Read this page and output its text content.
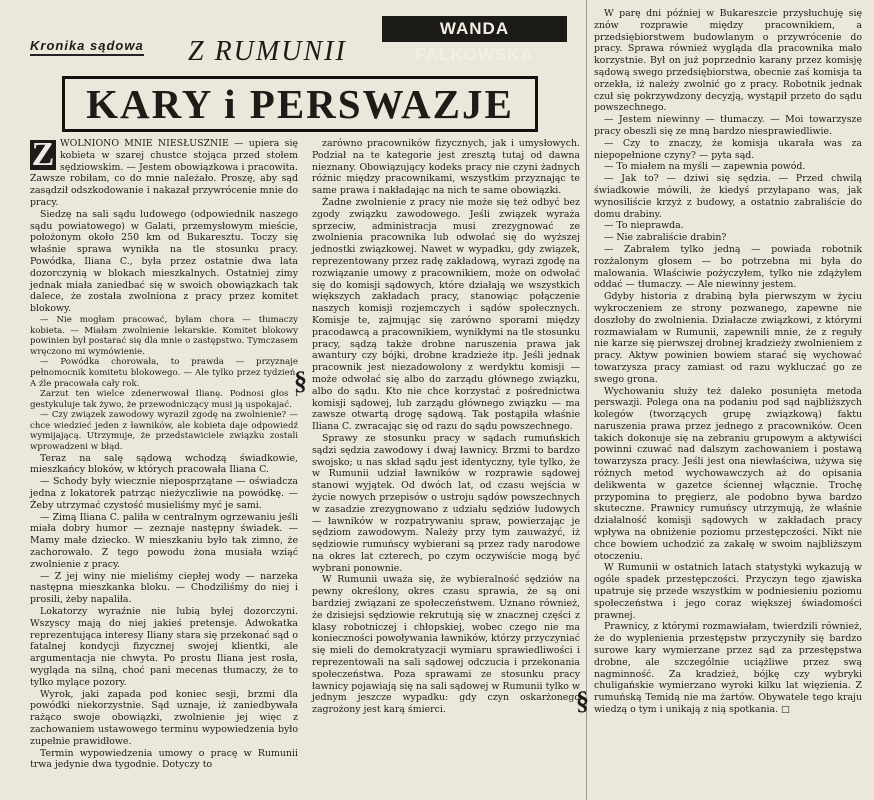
Kronika sądowa
WANDA FALKOWSKA
Z RUMUNII
KARY i PERSWAZJE
Z WOLNIONO MNIE NIESŁUSZNIE — upiera się kobieta w szarej chustce stojąca przed stołem sędziowskim. — Jestem obowiązkowa i pracowita. Zawsze robiłam, co do mnie należało. Proszę, aby sąd zasądził odszkodowanie i nakazał przywrócenie mnie do pracy.

Siedzę na sali sądu ludowego (odpowiednik naszego sądu powiatowego) w Galati, przemysłowym mieście, położonym około 250 km od Bukaresztu. Toczy się właśnie sprawa wynikła na tle stosunku pracy. Powódka, Iliana C., była przez ostatnie dwa lata dozorczynią w blokach mieszkalnych. Ostatniej zimy jednak miała zaniedbać się w swoich obowiązkach tak dalece, że została zwolniona z pracy przez komitet blokowy.

— Nie mogłam pracować, byłam chora — tłumaczy kobieta. — Miałam zwolnienie lekarskie. Komitet blokowy powinien był postarać się dla mnie o zastępstwo. Tymczasem wręczono mi wymówienie.

— Powódka chorowała, to prawda — przyznaje pełnomocnik komitetu blokowego. — Ale tylko przez tydzień. A źle pracowała cały rok.

Zarzut ten wielce zdenerwował Ilianę. Podnosi głos i gestykuluje tak żywo, że przewodniczący musi ją uspokajać.

— Czy związek zawodowy wyraził zgodę na zwolnienie? — chce wiedzieć jeden z ławników, ale kobieta daje odpowiedź wymijającą. Utrzymuje, że przedstawiciele związku zostali wprowadzeni w błąd.

Teraz na salę sądową wchodzą świadkowie, mieszkańcy bloków, w których pracowała Iliana C.

— Schody były wiecznie nieposprzątane — oświadcza jedna z lokatorek patrząc nieżyczliwie na powódkę. — Żeby utrzymać czystość musieliśmy myć je sami.

— Zimą Iliana C. paliła w centralnym ogrzewaniu jeśli miała dobry humor — zeznaje następny świadek. — Mamy małe dziecko. W mieszkaniu było tak zimno, że zachorowało. Z tego powodu żona musiała wziąć zwolnienie z pracy.

— Z jej winy nie mieliśmy ciepłej wody — narzeka następna mieszkanka bloku. — Chodziliśmy do niej i prosili, żeby napaliła.

Lokatorzy wyraźnie nie lubią byłej dozorczyni. Wszyscy mają do niej jakieś pretensje. Adwokatka reprezentująca interesy Iliany stara się przekonać sąd o fatalnej kondycji fizycznej swojej klientki, ale argumentacja nie chwyta. Po prostu Iliana jest rosła, wygląda na silną, choć pani mecenas tłumaczy, że to tylko mylące pozory.

Wyrok, jaki zapada pod koniec sesji, brzmi dla powódki niekorzystnie. Sąd uznaje, iż zaniedbywała rażąco swoje obowiązki, zwolnienie jej więc z zachowaniem ustawowego terminu wypowiedzenia było zupełnie prawidłowe.

Termin wypowiedzenia umowy o pracę w Rumunii trwa jedynie dwa tygodnie. Dotyczy to

§

zarówno pracowników fizycznych, jak i umysłowych. Podział na te kategorie jest zresztą tutaj od dawna nieznany. Obowiązujący kodeks pracy nie czyni żadnych różnic między pracownikami, wszystkim przyznając te same prawa i nakładając na nich te same obowiązki.

Żadne zwolnienie z pracy nie może się też odbyć bez zgody związku zawodowego. Jeśli związek wyraża sprzeciw, administracja musi zrezygnować ze zwolnienia pracownika lub odwołać się do wyższej jednostki związkowej. Nawet w wypadku, gdy związek, reprezentowany przez radę zakładową, wyrazi zgodę na rozwiązanie umowy z pracownikiem, może on odwołać się do komisji sądowych, które działają we wszystkich większych zakładach pracy, stanowiąc połączenie naszych komisji rozjemczych i sądów społecznych. Komisje te, zajmując się zarówno sporami między pracodawcą a pracownikiem, wynikłymi na tle stosunku pracy, sądzą także drobne naruszenia prawa jak awantury czy bójki, drobne kradzieże itp. Jeśli jednak pracownik jest niezadowolony z werdyktu komisji — może odwołać się albo do zarządu głównego związku, albo do sądu. Kto nie chce korzystać z pośrednictwa komisji sądowej, lub zarządu głównego związku — ma zawsze otwartą drogę sądową. Tak postąpiła właśnie Iliana C. zwracając się od razu do sądu powszechnego.

Sprawy ze stosunku pracy w sądach rumuńskich sądzi sędzia zawodowy i dwaj ławnicy. Brzmi to bardzo swojsko; u nas skład sądu jest identyczny, tyle tylko, że w Rumunii udział ławników w rozprawie sądowej stanowi wyjątek. Od dwóch lat, od czasu wejścia w życie nowych przepisów o ustroju sądów powszechnych w zasadzie zrezygnowano z udziału sędziów ludowych — ławników w rozpatrywaniu spraw, powierzając je sędziom zawodowym. Należy przy tym zauważyć, iż sędziowie rumuńscy wybierani są przez rady narodowe na okres lat czterech, po czym oczywiście mogą być wybrani ponownie.

W Rumunii uważa się, że wybieralność sędziów na pewny określony, okres czasu sprawia, że są oni bardziej związani ze społeczeństwem. Uznano również, że dzisiejsi sędziowie rekrutują się w znacznej części z klasy robotniczej i chłopskiej, wobec czego nie ma konieczności powoływania ławników, którzy przyczyniać się mieli do demokratyzacji wymiaru sprawiedliwości i reprezentowali na sali sądowej odczucia i przekonania społeczeństwa. Poza sprawami ze stosunku pracy ławnicy pojawiają się na sali sądowej w Rumunii tylko w jednym jeszcze wypadku: gdy czyn oskarżonego zagrożony jest karą śmierci.	§

W parę dni później w Bukareszcie przysłuchuję się znów rozprawie między pracownikiem, a przedsiębiorstwem budowlanym o przywrócenie do pracy. Sprawa również wygląda dla pracownika mało korzystnie. Był on już poprzednio karany przez komisję sądową swego przedsiębiorstwa, obecnie zaś komisja ta orzekła, iż należy zwolnić go z pracy. Robotnik jednak czuł się pokrzywdzony decyzją, wystąpił przeto do sądu powszechnego.

— Jestem niewinny — tłumaczy. — Moi towarzysze pracy obeszli się ze mną bardzo niesprawiedliwie.

— Czy to znaczy, że komisja ukarała was za niepopełnione czyny? — pyta sąd.

— To miałem na myśli — zapewnia powód.

— Jak to? — dziwi się sędzia. — Przed chwilą świadkowie mówili, że kiedyś przyłapano was, jak wynosiliście krzyż z budowy, a ostatnio zabraliście do domu drabiny.

— To nieprawda.

— Nie zabraliście drabin?

— Zabrałem tylko jedną — powiada robotnik rozżalonym głosem — bo potrzebna mi była do malowania. Właściwie pożyczyłem, tylko nie zdążyłem oddać — tłumaczy. — Ale niewinny jestem.

Gdyby historia z drabiną była pierwszym w życiu wykroczeniem ze strony pozwanego, zapewne nie doszłoby do zwolnienia. Działacze związkowi, z którymi rozmawiałam w Rumunii, zapewnili mnie, że z reguły nie karze się pierwszej drobnej kradzieży zwolnieniem z pracy. Aktyw powinien bowiem starać się wychować towarzysza pracy zamiast od razu wykluczać go ze swego grona.

Wychowaniu służy też daleko posunięta metoda perswazji. Polega ona na podaniu pod sąd najbliższych kolegów (tworzących grupę związkową) faktu naruszenia prawa przez jednego z pracowników. Ocen takich dokonuje się na zebraniu grupowym a aktywiści powinni czuwać nad dalszym zachowaniem i postawą towarzysza pracy. Jeśli jest ona niewłaściwa, używa się różnych metod wychowawczych aż do opisania delikwenta w gazetce ściennej włącznie. Trochę przypomina to pręgierz, ale podobno bywa bardzo skuteczne. Prawnicy rumuńscy utrzymują, że właśnie działalność komisji sądowych w zakładach pracy wpływa na obniżenie poziomu przestępczości. Nikt nie chce bowiem uchodzić za zakałę w swoim najbliższym otoczeniu.

W Rumunii w ostatnich latach statystyki wykazują w ogóle spadek przestępczości. Przyczyn tego zjawiska upatruje się przede wszystkim w podniesieniu poziomu społeczeństwa i jego coraz większej świadomości prawnej.

Prawnicy, z którymi rozmawiałam, twierdzili również, że do wyplenienia przestępstw przyczyniły się bardzo surowe kary wymierzane przez sąd za przestępstwa drobne, ale szczególnie uciążliwe przez swą nagminność. Za kradzież, bójkę czy wybryki chuligańskie wymierzano wyroki kilku lat więzienia. Z rumuńską Temidą nie ma żartów. Obywatele tego kraju wiedzą o tym i unikają z nią spotkania. □
